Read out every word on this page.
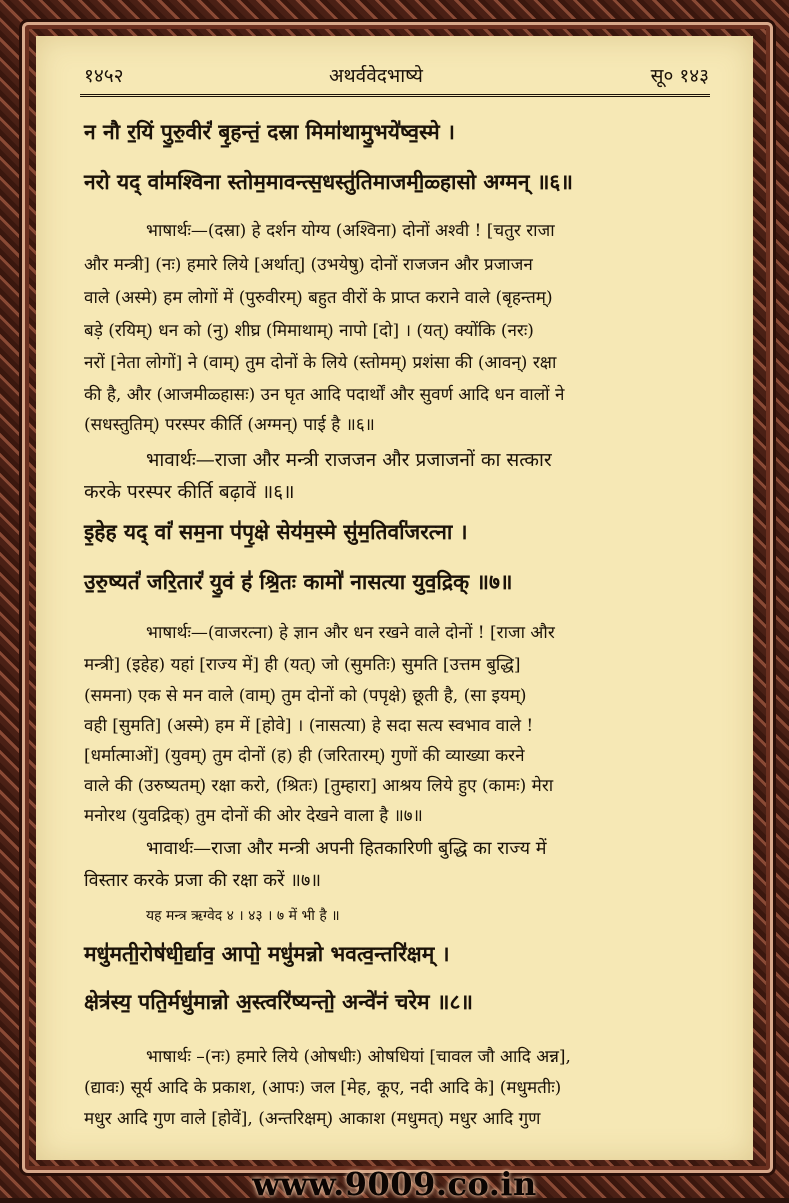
१४५२	अथर्ववेदभाष्ये	सू० १४३
न नौ र॒यिं पु॒रु॒वीरं॑ बृ॒हन्तं॒ दस्रा मिमा॑थामु॒भये॑ष्व॒स्मे ।
नरो यद् वा॑मश्विना स्तोम॒मावन्त्स॒धस्तु॑तिमाजमी॒ळ्हासो अग्मन् ॥६॥
भाषार्थः—(दस्रा) हे दर्शन योग्य (अश्विना) दोनों अश्वी ! [चतुर राजा
और मन्त्री] (नः) हमारे लिये [अर्थात्] (उभयेषु) दोनों राजजन और प्रजाजन
वाले (अस्मे) हम लोगों में (पुरुवीरम्) बहुत वीरों के प्राप्त कराने वाले (बृहन्तम्)
बड़े (रयिम्) धन को (नु) शीघ्र (मिमाथाम्) नापो [दो] । (यत्) क्योंकि (नरः)
नरों [नेता लोगों] ने (वाम्) तुम दोनों के लिये (स्तोमम्) प्रशंसा की (आवन्) रक्षा
की है, और (आजमीळ्हासः) उन घृत आदि पदार्थों और सुवर्ण आदि धन वालों ने
(सधस्तुतिम्) परस्पर कीर्ति (अग्मन्) पाई है ॥६॥
भावार्थः—राजा और मन्त्री राजजन और प्रजाजनों का सत्कार
करके परस्पर कीर्ति बढ़ावें ॥६॥
इ॒हेह यद् वां॑ सम॒ना प॑पृ॒क्षे सेय॑म॒स्मे सु॑म॒तिर्वा॑जरत्ना ।
उ॒रु॒ष्यतं॑ जरि॒तारं॑ यु॒वं ह॑ श्रि॒तः कामो॑ नासत्या युव॒द्रिक् ॥७॥
भाषार्थः—(वाजरत्ना) हे ज्ञान और धन रखने वाले दोनों ! [राजा और
मन्त्री] (इहेह) यहां [राज्य में] ही (यत्) जो (सुमतिः) सुमति [उत्तम बुद्धि]
(समना) एक से मन वाले (वाम्) तुम दोनों को (पपृक्षे) छूती है, (सा इयम्)
वही [सुमति] (अस्मे) हम में [होवे] । (नासत्या) हे सदा सत्य स्वभाव वाले !
[धर्मात्माओं] (युवम्) तुम दोनों (ह) ही (जरितारम्) गुणों की व्याख्या करने
वाले की (उरुष्यतम्) रक्षा करो, (श्रितः) [तुम्हारा] आश्रय लिये हुए (कामः) मेरा
मनोरथ (युवद्रिक्) तुम दोनों की ओर देखने वाला है ॥७॥
भावार्थः—राजा और मन्त्री अपनी हितकारिणी बुद्धि का राज्य में
विस्तार करके प्रजा की रक्षा करें ॥७॥
यह मन्त्र ऋग्वेद ४ । ४३ । ७ में भी है ॥
मधु॑मती॒रोष॑धी॒र्द्याव॒ आपो॒ मधु॑मन्नो भवत्व॒न्तरि॑क्षम् ।
क्षेत्र॑स्य॒ पति॒र्मधु॑मान्नो अ॒स्त्वरि॑ष्यन्तो॒ अन्वे॑नं चरेम ॥८॥
भाषार्थः –(नः) हमारे लिये (ओषधीः) ओषधियां [चावल जौ आदि अन्न],
(द्यावः) सूर्य आदि के प्रकाश, (आपः) जल [मेह, कूए, नदी आदि के] (मधुमतीः)
मधुर आदि गुण वाले [होवें], (अन्तरिक्षम्) आकाश (मधुमत्) मधुर आदि गुण
www.9009.co.in
